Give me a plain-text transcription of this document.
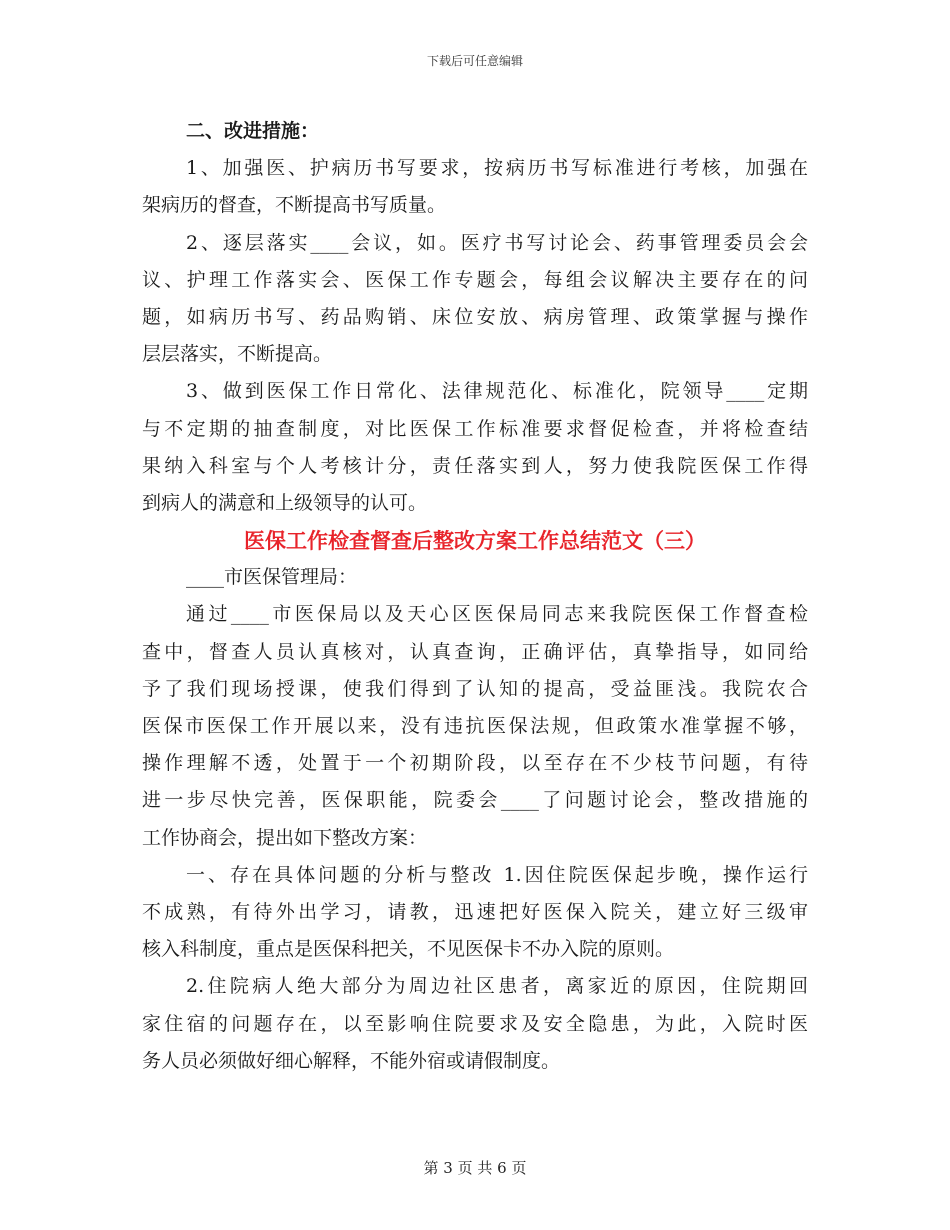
下载后可任意编辑
二、改进措施：
1、加强医、护病历书写要求，按病历书写标准进行考核，加强在
架病历的督查，不断提高书写质量。
2、逐层落实____会议，如。医疗书写讨论会、药事管理委员会会
议、护理工作落实会、医保工作专题会，每组会议解决主要存在的问
题，如病历书写、药品购销、床位安放、病房管理、政策掌握与操作
层层落实，不断提高。
3、做到医保工作日常化、法律规范化、标准化，院领导____定期
与不定期的抽查制度，对比医保工作标准要求督促检查，并将检查结
果纳入科室与个人考核计分，责任落实到人，努力使我院医保工作得
到病人的满意和上级领导的认可。
医保工作检查督查后整改方案工作总结范文（三）
____市医保管理局：
通过____市医保局以及天心区医保局同志来我院医保工作督查检
查中，督查人员认真核对，认真查询，正确评估，真挚指导，如同给
予了我们现场授课，使我们得到了认知的提高，受益匪浅。我院农合
医保市医保工作开展以来，没有违抗医保法规，但政策水准掌握不够，
操作理解不透，处置于一个初期阶段，以至存在不少枝节问题，有待
进一步尽快完善，医保职能，院委会____了问题讨论会，整改措施的
工作协商会，提出如下整改方案：
一、存在具体问题的分析与整改 1.因住院医保起步晚，操作运行
不成熟，有待外出学习，请教，迅速把好医保入院关，建立好三级审
核入科制度，重点是医保科把关，不见医保卡不办入院的原则。
2.住院病人绝大部分为周边社区患者，离家近的原因，住院期回
家住宿的问题存在，以至影响住院要求及安全隐患，为此，入院时医
务人员必须做好细心解释，不能外宿或请假制度。
第 3 页 共 6 页
